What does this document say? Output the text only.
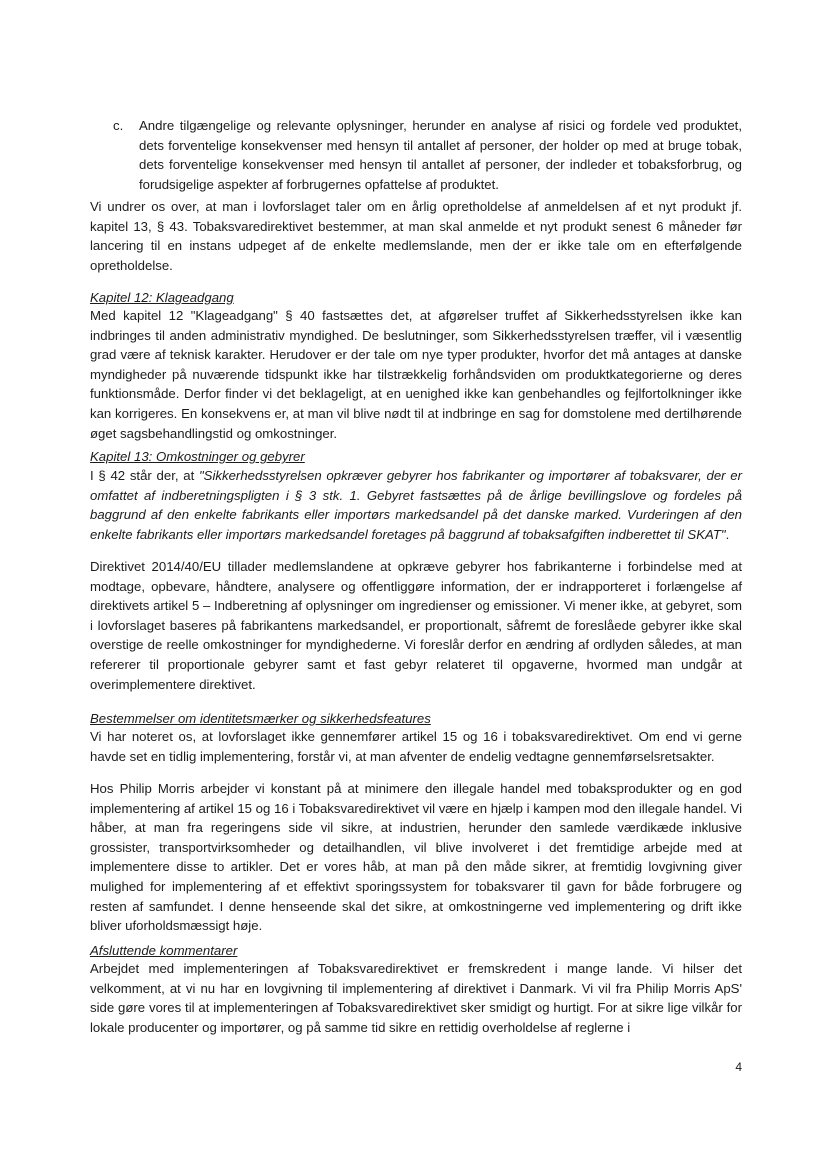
c. Andre tilgængelige og relevante oplysninger, herunder en analyse af risici og fordele ved produktet, dets forventelige konsekvenser med hensyn til antallet af personer, der holder op med at bruge tobak, dets forventelige konsekvenser med hensyn til antallet af personer, der indleder et tobaksforbrug, og forudsigelige aspekter af forbrugernes opfattelse af produktet.

Vi undrer os over, at man i lovforslaget taler om en årlig opretholdelse af anmeldelsen af et nyt produkt jf. kapitel 13, § 43. Tobaksvaredirektivet bestemmer, at man skal anmelde et nyt produkt senest 6 måneder før lancering til en instans udpeget af de enkelte medlemslande, men der er ikke tale om en efterfølgende opretholdelse.

Kapitel 12: Klageadgang

Med kapitel 12 "Klageadgang" § 40 fastsættes det, at afgørelser truffet af Sikkerhedsstyrelsen ikke kan indbringes til anden administrativ myndighed. De beslutninger, som Sikkerhedsstyrelsen træffer, vil i væsentlig grad være af teknisk karakter. Herudover er der tale om nye typer produkter, hvorfor det må antages at danske myndigheder på nuværende tidspunkt ikke har tilstrækkelig forhåndsviden om produktkategorierne og deres funktionsmåde. Derfor finder vi det beklageligt, at en uenighed ikke kan genbehandles og fejlfortolkninger ikke kan korrigeres. En konsekvens er, at man vil blive nødt til at indbringe en sag for domstolene med dertilhørende øget sagsbehandlingstid og omkostninger.

Kapitel 13: Omkostninger og gebyrer

I § 42 står der, at "Sikkerhedsstyrelsen opkræver gebyrer hos fabrikanter og importører af tobaksvarer, der er omfattet af indberetningspligten i § 3 stk. 1. Gebyret fastsættes på de årlige bevillingslove og fordeles på baggrund af den enkelte fabrikants eller importørs markedsandel på det danske marked. Vurderingen af den enkelte fabrikants eller importørs markedsandel foretages på baggrund af tobaksafgiften indberettet til SKAT".

Direktivet 2014/40/EU tillader medlemslandene at opkræve gebyrer hos fabrikanterne i forbindelse med at modtage, opbevare, håndtere, analysere og offentliggøre information, der er indrapporteret i forlængelse af direktivets artikel 5 – Indberetning af oplysninger om ingredienser og emissioner. Vi mener ikke, at gebyret, som i lovforslaget baseres på fabrikantens markedsandel, er proportionalt, såfremt de foreslåede gebyrer ikke skal overstige de reelle omkostninger for myndighederne. Vi foreslår derfor en ændring af ordlyden således, at man refererer til proportionale gebyrer samt et fast gebyr relateret til opgaverne, hvormed man undgår at overimplementere direktivet.

Bestemmelser om identitetsmærker og sikkerhedsfeatures

Vi har noteret os, at lovforslaget ikke gennemfører artikel 15 og 16 i tobaksvaredirektivet. Om end vi gerne havde set en tidlig implementering, forstår vi, at man afventer de endelig vedtagne gennemførselsretsakter.

Hos Philip Morris arbejder vi konstant på at minimere den illegale handel med tobaksprodukter og en god implementering af artikel 15 og 16 i Tobaksvaredirektivet vil være en hjælp i kampen mod den illegale handel. Vi håber, at man fra regeringens side vil sikre, at industrien, herunder den samlede værdikæde inklusive grossister, transportvirksomheder og detailhandlen, vil blive involveret i det fremtidige arbejde med at implementere disse to artikler. Det er vores håb, at man på den måde sikrer, at fremtidig lovgivning giver mulighed for implementering af et effektivt sporingssystem for tobaksvarer til gavn for både forbrugere og resten af samfundet. I denne henseende skal det sikre, at omkostningerne ved implementering og drift ikke bliver uforholdsmæssigt høje.

Afsluttende kommentarer

Arbejdet med implementeringen af Tobaksvaredirektivet er fremskredent i mange lande. Vi hilser det velkomment, at vi nu har en lovgivning til implementering af direktivet i Danmark. Vi vil fra Philip Morris ApS' side gøre vores til at implementeringen af Tobaksvaredirektivet sker smidigt og hurtigt. For at sikre lige vilkår for lokale producenter og importører, og på samme tid sikre en rettidig overholdelse af reglerne i

4
